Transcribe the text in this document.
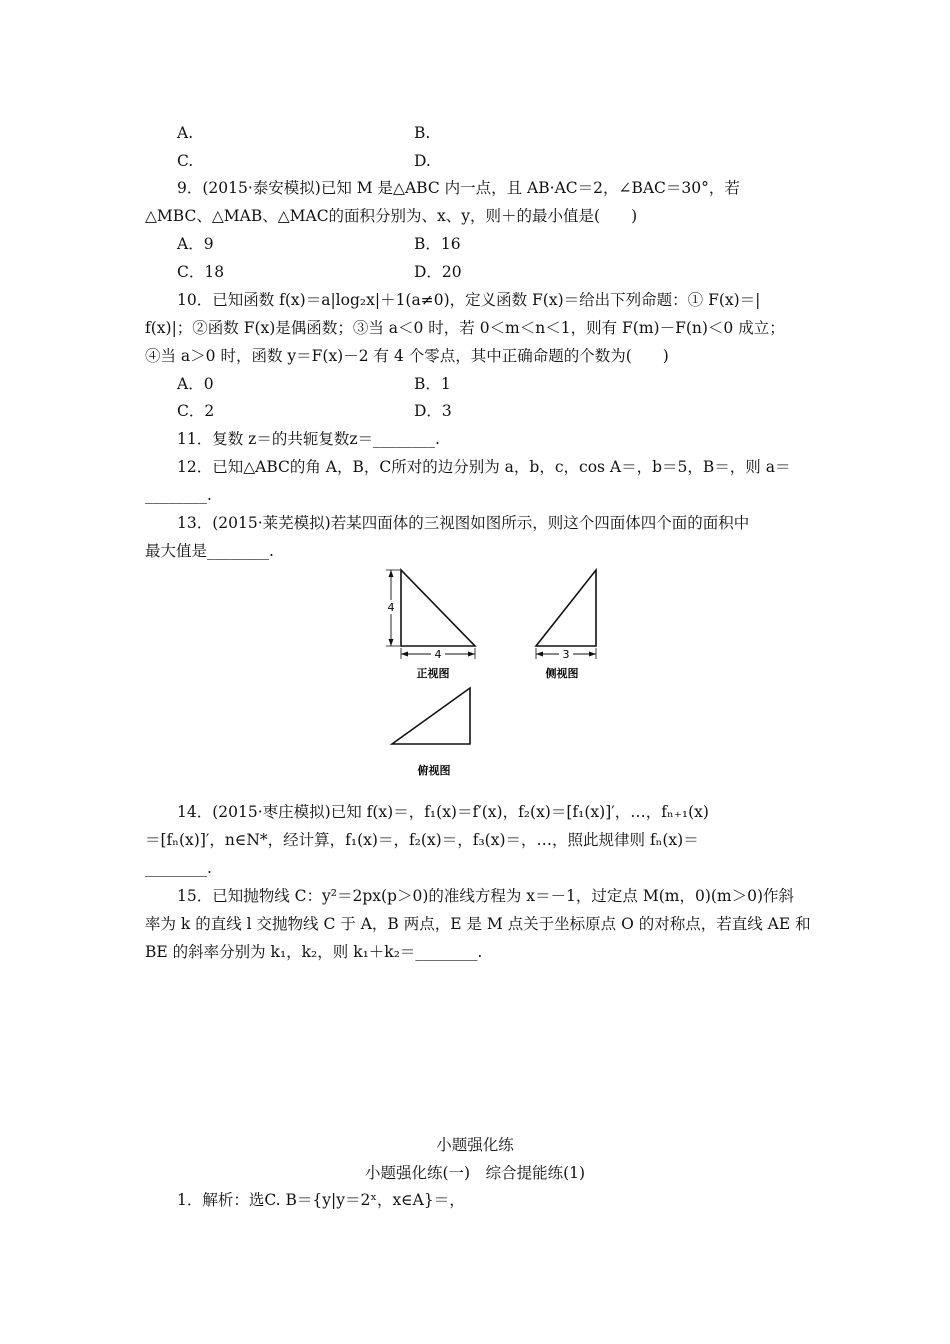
A.	B.
C.	D.
9．(2015·泰安模拟)已知 M 是△ABC 内一点，且 AB·AC＝2，∠BAC＝30°，若
△MBC、△MAB、△MAC的面积分别为、x、y，则＋的最小值是(　　)
A．9	B．16
C．18	D．20
10．已知函数 f(x)＝a|log₂x|＋1(a≠0)，定义函数 F(x)＝给出下列命题：① F(x)＝|
f(x)|；②函数 F(x)是偶函数；③当 a＜0 时，若 0＜m＜n＜1，则有 F(m)－F(n)＜0 成立；
④当 a＞0 时，函数 y＝F(x)－2 有 4 个零点，其中正确命题的个数为(　　)
A．0	B．1
C．2	D．3
11．复数 z＝的共轭复数z＝________.
12．已知△ABC的角 A，B，C所对的边分别为 a，b，c，cos A＝，b＝5，B＝，则 a＝
________.
13．(2015·莱芜模拟)若某四面体的三视图如图所示，则这个四面体四个面的面积中
最大值是________.
4
4
正视图
3
侧视图
俯视图
14．(2015·枣庄模拟)已知 f(x)＝，f₁(x)＝f′(x)，f₂(x)＝[f₁(x)]′，…，fₙ₊₁(x)
＝[fₙ(x)]′，n∈N*，经计算，f₁(x)＝，f₂(x)＝，f₃(x)＝，…，照此规律则 fₙ(x)＝
________.
15．已知抛物线 C：y²＝2px(p＞0)的准线方程为 x＝－1，过定点 M(m，0)(m＞0)作斜
率为 k 的直线 l 交抛物线 C 于 A，B 两点，E 是 M 点关于坐标原点 O 的对称点，若直线 AE 和
BE 的斜率分别为 k₁，k₂，则 k₁＋k₂＝________.
小题强化练
小题强化练(一)　综合提能练(1)
1．解析：选C. B＝{y|y＝2ˣ，x∈A}＝，
